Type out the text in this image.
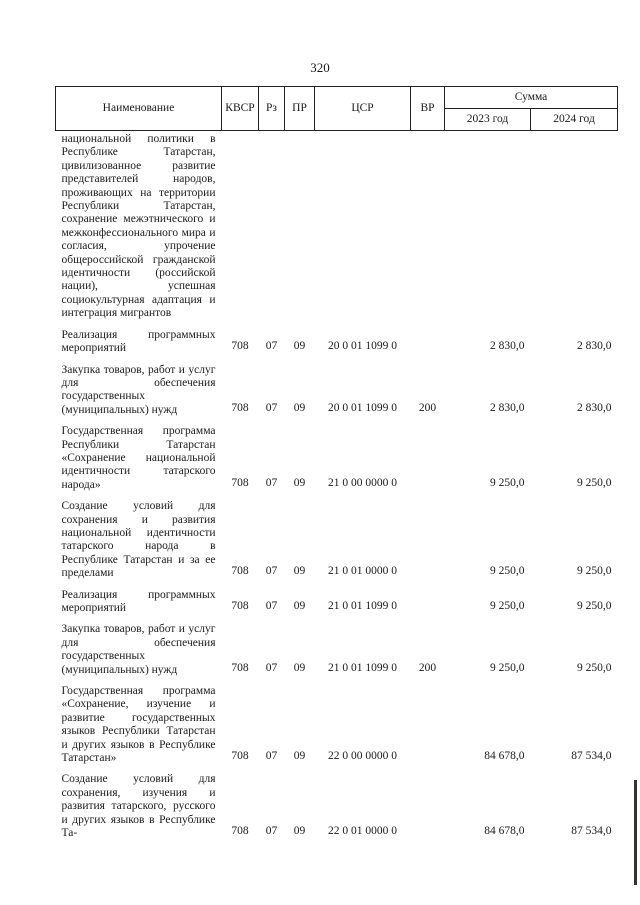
320
Наименование	КВСР	Рз	ПР	ЦСР	ВР	Сумма	
						2023 год	2024 год
национальной политики в Республике Татарстан, цивилизованное развитие представителей народов, проживающих на территории Республики Татарстан, сохранение межэтнического и межконфессионального мира и согласия, упрочение общероссийской гражданской идентичности (российской нации), успешная социокультурная адаптация и интеграция мигрантов							
Реализация программных мероприятий	708	07	09	20 0 01 1099 0		2 830,0	2 830,0
Закупка товаров, работ и услуг для обеспечения государственных (муниципальных) нужд	708	07	09	20 0 01 1099 0	200	2 830,0	2 830,0
Государственная программа Республики Татарстан «Сохранение национальной идентичности татарского народа»	708	07	09	21 0 00 0000 0		9 250,0	9 250,0
Создание условий для сохранения и развития национальной идентичности татарского народа в Республике Татарстан и за ее пределами	708	07	09	21 0 01 0000 0		9 250,0	9 250,0
Реализация программных мероприятий	708	07	09	21 0 01 1099 0		9 250,0	9 250,0
Закупка товаров, работ и услуг для обеспечения государственных (муниципальных) нужд	708	07	09	21 0 01 1099 0	200	9 250,0	9 250,0
Государственная программа «Сохранение, изучение и развитие государственных языков Республики Татарстан и других языков в Республике Татарстан»	708	07	09	22 0 00 0000 0		84 678,0	87 534,0
Создание условий для сохранения, изучения и развития татарского, русского и других языков в Республике Та-	708	07	09	22 0 01 0000 0		84 678,0	87 534,0
